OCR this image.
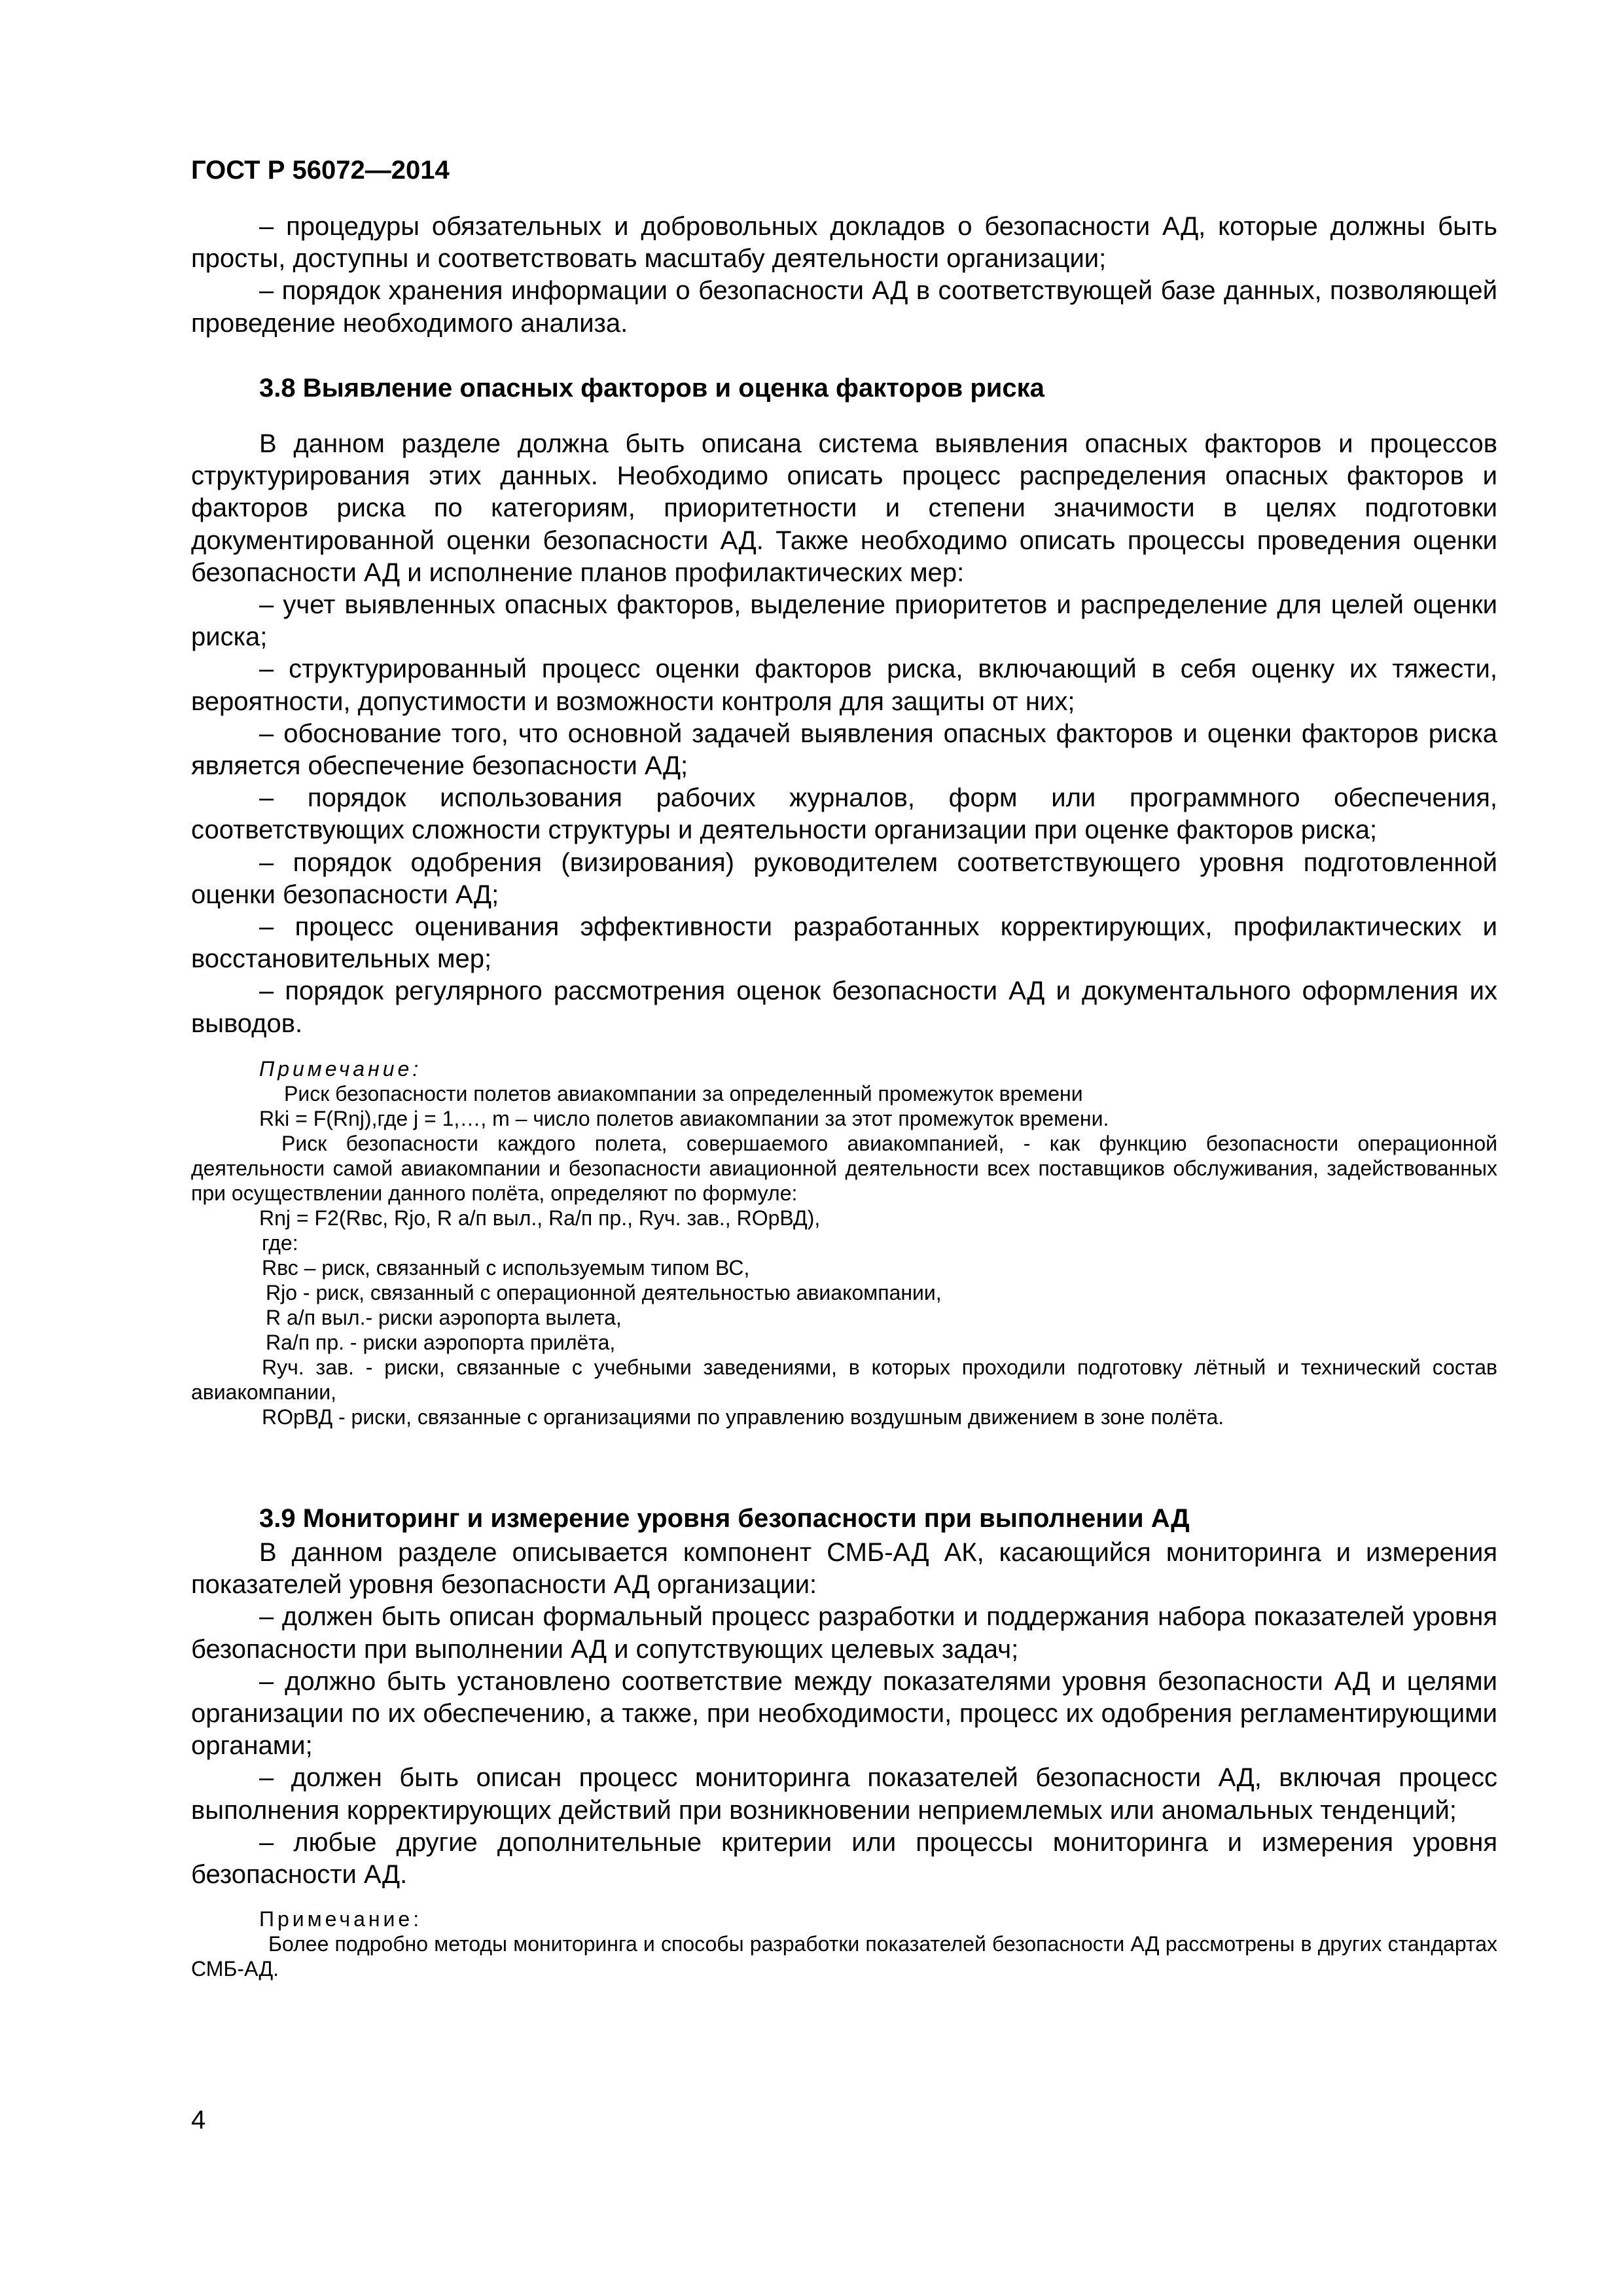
ГОСТ Р 56072—2014

– процедуры обязательных и добровольных докладов о безопасности АД, которые должны быть просты, доступны и соответствовать масштабу деятельности организации;

– порядок хранения информации о безопасности АД в соответствующей базе данных, позволяющей проведение необходимого анализа.

3.8 Выявление опасных факторов и оценка факторов риска

В данном разделе должна быть описана система выявления опасных факторов и процессов структурирования этих данных. Необходимо описать процесс распределения опасных факторов и факторов риска по категориям, приоритетности и степени значимости в целях подготовки документированной оценки безопасности АД. Также необходимо описать процессы проведения оценки безопасности АД и исполнение планов профилактических мер:

– учет выявленных опасных факторов, выделение приоритетов и распределение для целей оценки риска;

– структурированный процесс оценки факторов риска, включающий в себя оценку их тяжести, вероятности, допустимости и возможности контроля для защиты от них;

– обоснование того, что основной задачей выявления опасных факторов и оценки факторов риска является обеспечение безопасности АД;

– порядок использования рабочих журналов, форм или программного обеспечения, соответствующих сложности структуры и деятельности организации при оценке факторов риска;

– порядок одобрения (визирования) руководителем соответствующего уровня подготовленной оценки безопасности АД;

– процесс оценивания эффективности разработанных корректирующих, профилактических и восстановительных мер;

– порядок регулярного рассмотрения оценок безопасности АД и документального оформления их выводов.

Примечание:
Риск безопасности полетов авиакомпании за определенный промежуток времени
Rki = F(Rnj),где j = 1,…, m – число полетов авиакомпании за этот промежуток времени.
Риск безопасности каждого полета, совершаемого авиакомпанией, - как функцию безопасности операционной деятельности самой авиакомпании и безопасности авиационной деятельности всех поставщиков обслуживания, задействованных при осуществлении данного полёта, определяют по формуле:
Rnj = F2(Rвс, Rjo, R а/п выл., Ra/п пр., Rуч. зав., ROpВД),
где:
Rвс – риск, связанный с используемым типом ВС,
Rjo - риск, связанный с операционной деятельностью авиакомпании,
R а/п выл.- риски аэропорта вылета,
Ra/п пр. - риски аэропорта прилёта,
Rуч. зав. - риски, связанные с учебными заведениями, в которых проходили подготовку лётный и технический состав авиакомпании,
ROpВД - риски, связанные с организациями по управлению воздушным движением в зоне полёта.
3.9 Мониторинг и измерение уровня безопасности при выполнении АД

В данном разделе описывается компонент СМБ-АД АК, касающийся мониторинга и измерения показателей уровня безопасности АД организации:

– должен быть описан формальный процесс разработки и поддержания набора показателей уровня безопасности при выполнении АД и сопутствующих целевых задач;

– должно быть установлено соответствие между показателями уровня безопасности АД и целями организации по их обеспечению, а также, при необходимости, процесс их одобрения регламентирующими органами;

– должен быть описан процесс мониторинга показателей безопасности АД, включая процесс выполнения корректирующих действий при возникновении неприемлемых или аномальных тенденций;

– любые другие дополнительные критерии или процессы мониторинга и измерения уровня безопасности АД.

Примечание:
Более подробно методы мониторинга и способы разработки показателей безопасности АД рассмотрены в других стандартах СМБ-АД.
4
